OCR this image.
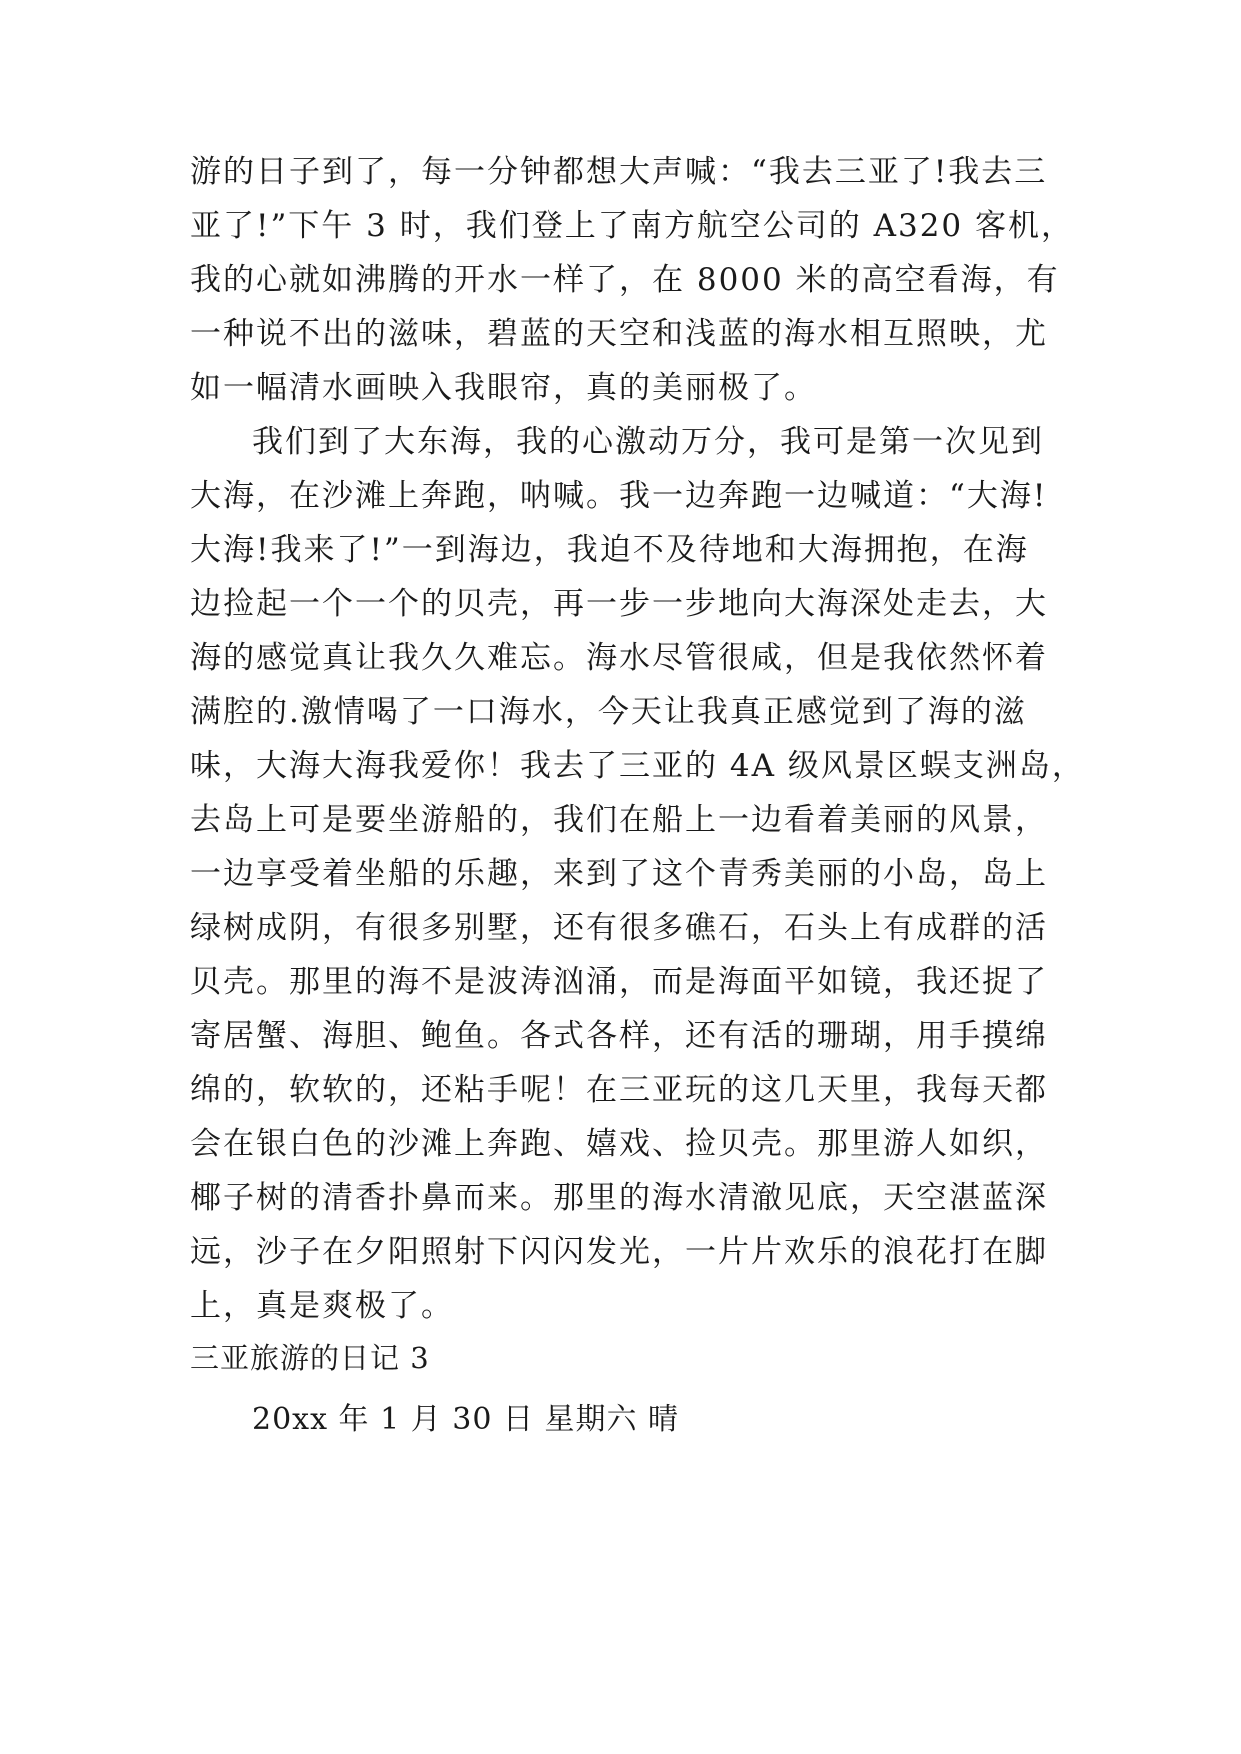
游的日子到了，每一分钟都想大声喊：“我去三亚了!我去三
亚了!”下午 3 时，我们登上了南方航空公司的 A320 客机，
我的心就如沸腾的开水一样了，在 8000 米的高空看海，有
一种说不出的滋味，碧蓝的天空和浅蓝的海水相互照映，尤
如一幅清水画映入我眼帘，真的美丽极了。
我们到了大东海，我的心激动万分，我可是第一次见到
大海，在沙滩上奔跑，呐喊。我一边奔跑一边喊道：“大海!
大海!我来了!”一到海边，我迫不及待地和大海拥抱，在海
边捡起一个一个的贝壳，再一步一步地向大海深处走去，大
海的感觉真让我久久难忘。海水尽管很咸，但是我依然怀着
满腔的.激情喝了一口海水，今天让我真正感觉到了海的滋
味，大海大海我爱你！我去了三亚的 4A 级风景区蜈支洲岛，
去岛上可是要坐游船的，我们在船上一边看着美丽的风景，
一边享受着坐船的乐趣，来到了这个青秀美丽的小岛，岛上
绿树成阴，有很多别墅，还有很多礁石，石头上有成群的活
贝壳。那里的海不是波涛汹涌，而是海面平如镜，我还捉了
寄居蟹、海胆、鲍鱼。各式各样，还有活的珊瑚，用手摸绵
绵的，软软的，还粘手呢！在三亚玩的这几天里，我每天都
会在银白色的沙滩上奔跑、嬉戏、捡贝壳。那里游人如织，
椰子树的清香扑鼻而来。那里的海水清澈见底，天空湛蓝深
远，沙子在夕阳照射下闪闪发光，一片片欢乐的浪花打在脚
上，真是爽极了。
三亚旅游的日记 3
20xx 年 1 月 30 日 星期六 晴
